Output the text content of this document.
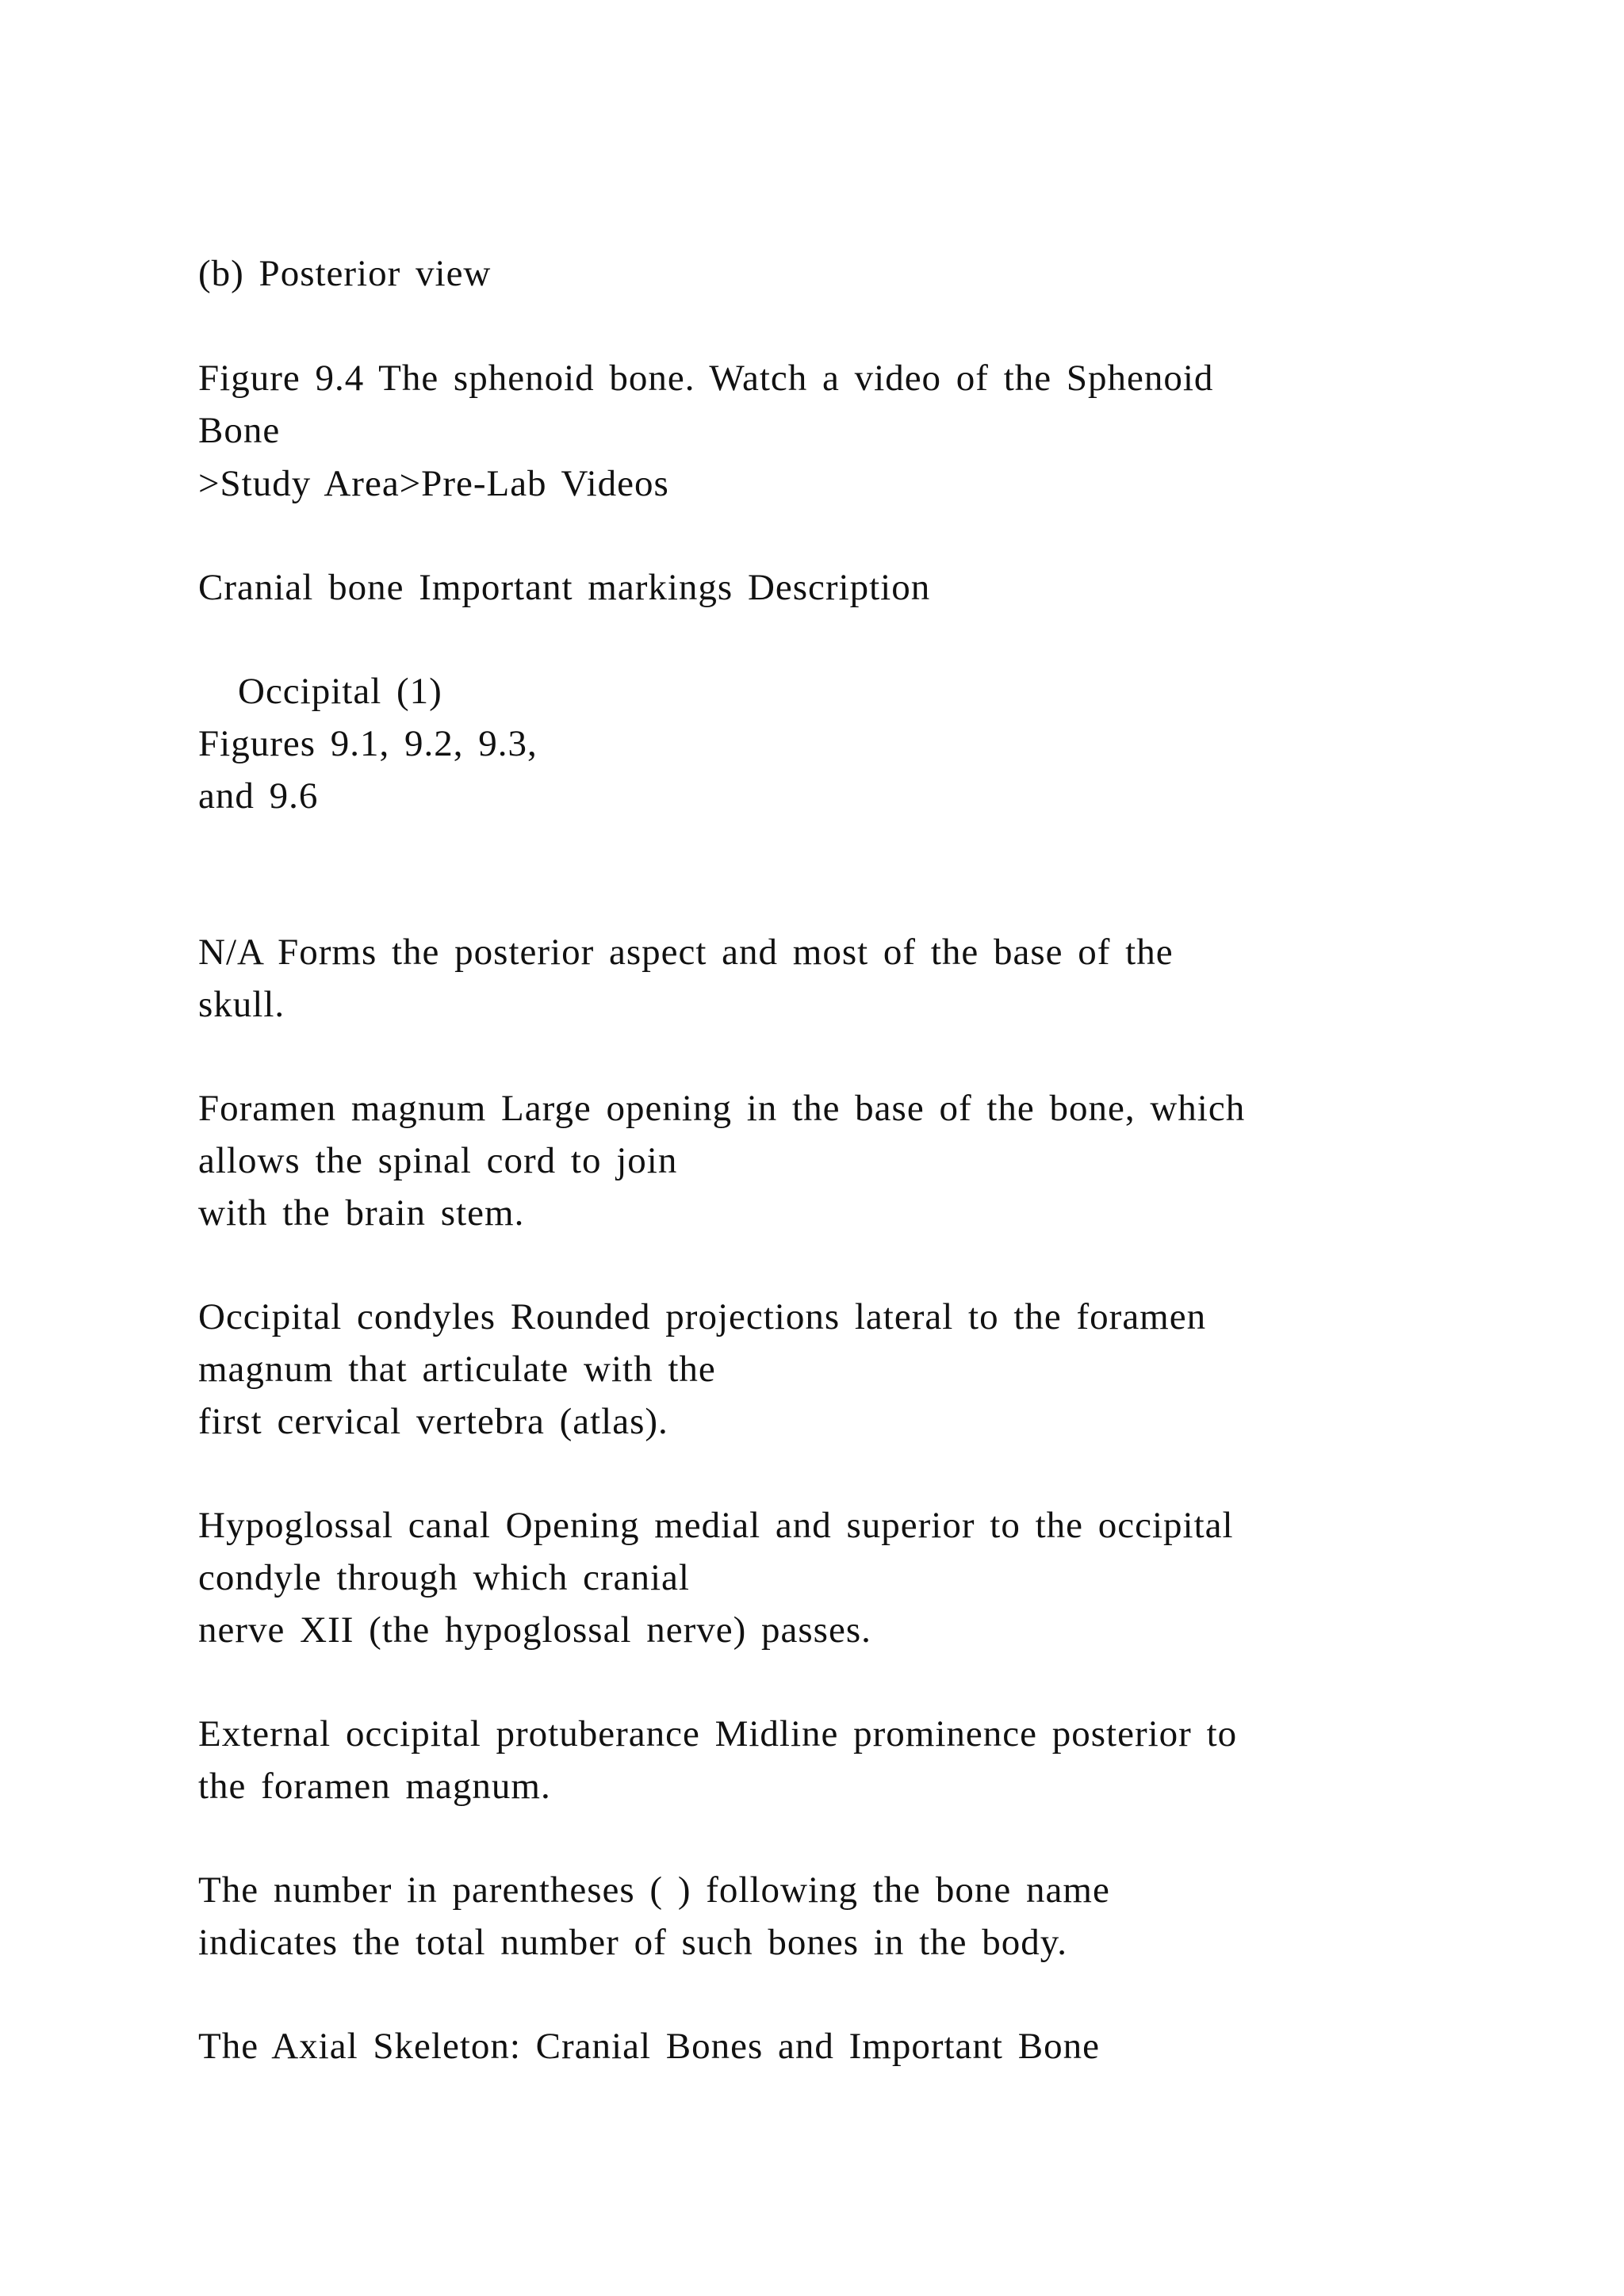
(b) Posterior view

Figure 9.4 The sphenoid bone. Watch a video of the Sphenoid

Bone

>Study Area>Pre-Lab Videos

Cranial bone Important markings Description

Occipital (1)

Figures 9.1, 9.2, 9.3,

and 9.6

N/A Forms the posterior aspect and most of the base of the

skull.

Foramen magnum Large opening in the base of the bone, which

allows the spinal cord to join

with the brain stem.

Occipital condyles Rounded projections lateral to the foramen

magnum that articulate with the

first cervical vertebra (atlas).

Hypoglossal canal Opening medial and superior to the occipital

condyle through which cranial

nerve XII (the hypoglossal nerve) passes.

External occipital protuberance Midline prominence posterior to

the foramen magnum.

The number in parentheses ( ) following the bone name

indicates the total number of such bones in the body.

The Axial Skeleton: Cranial Bones and Important Bone
